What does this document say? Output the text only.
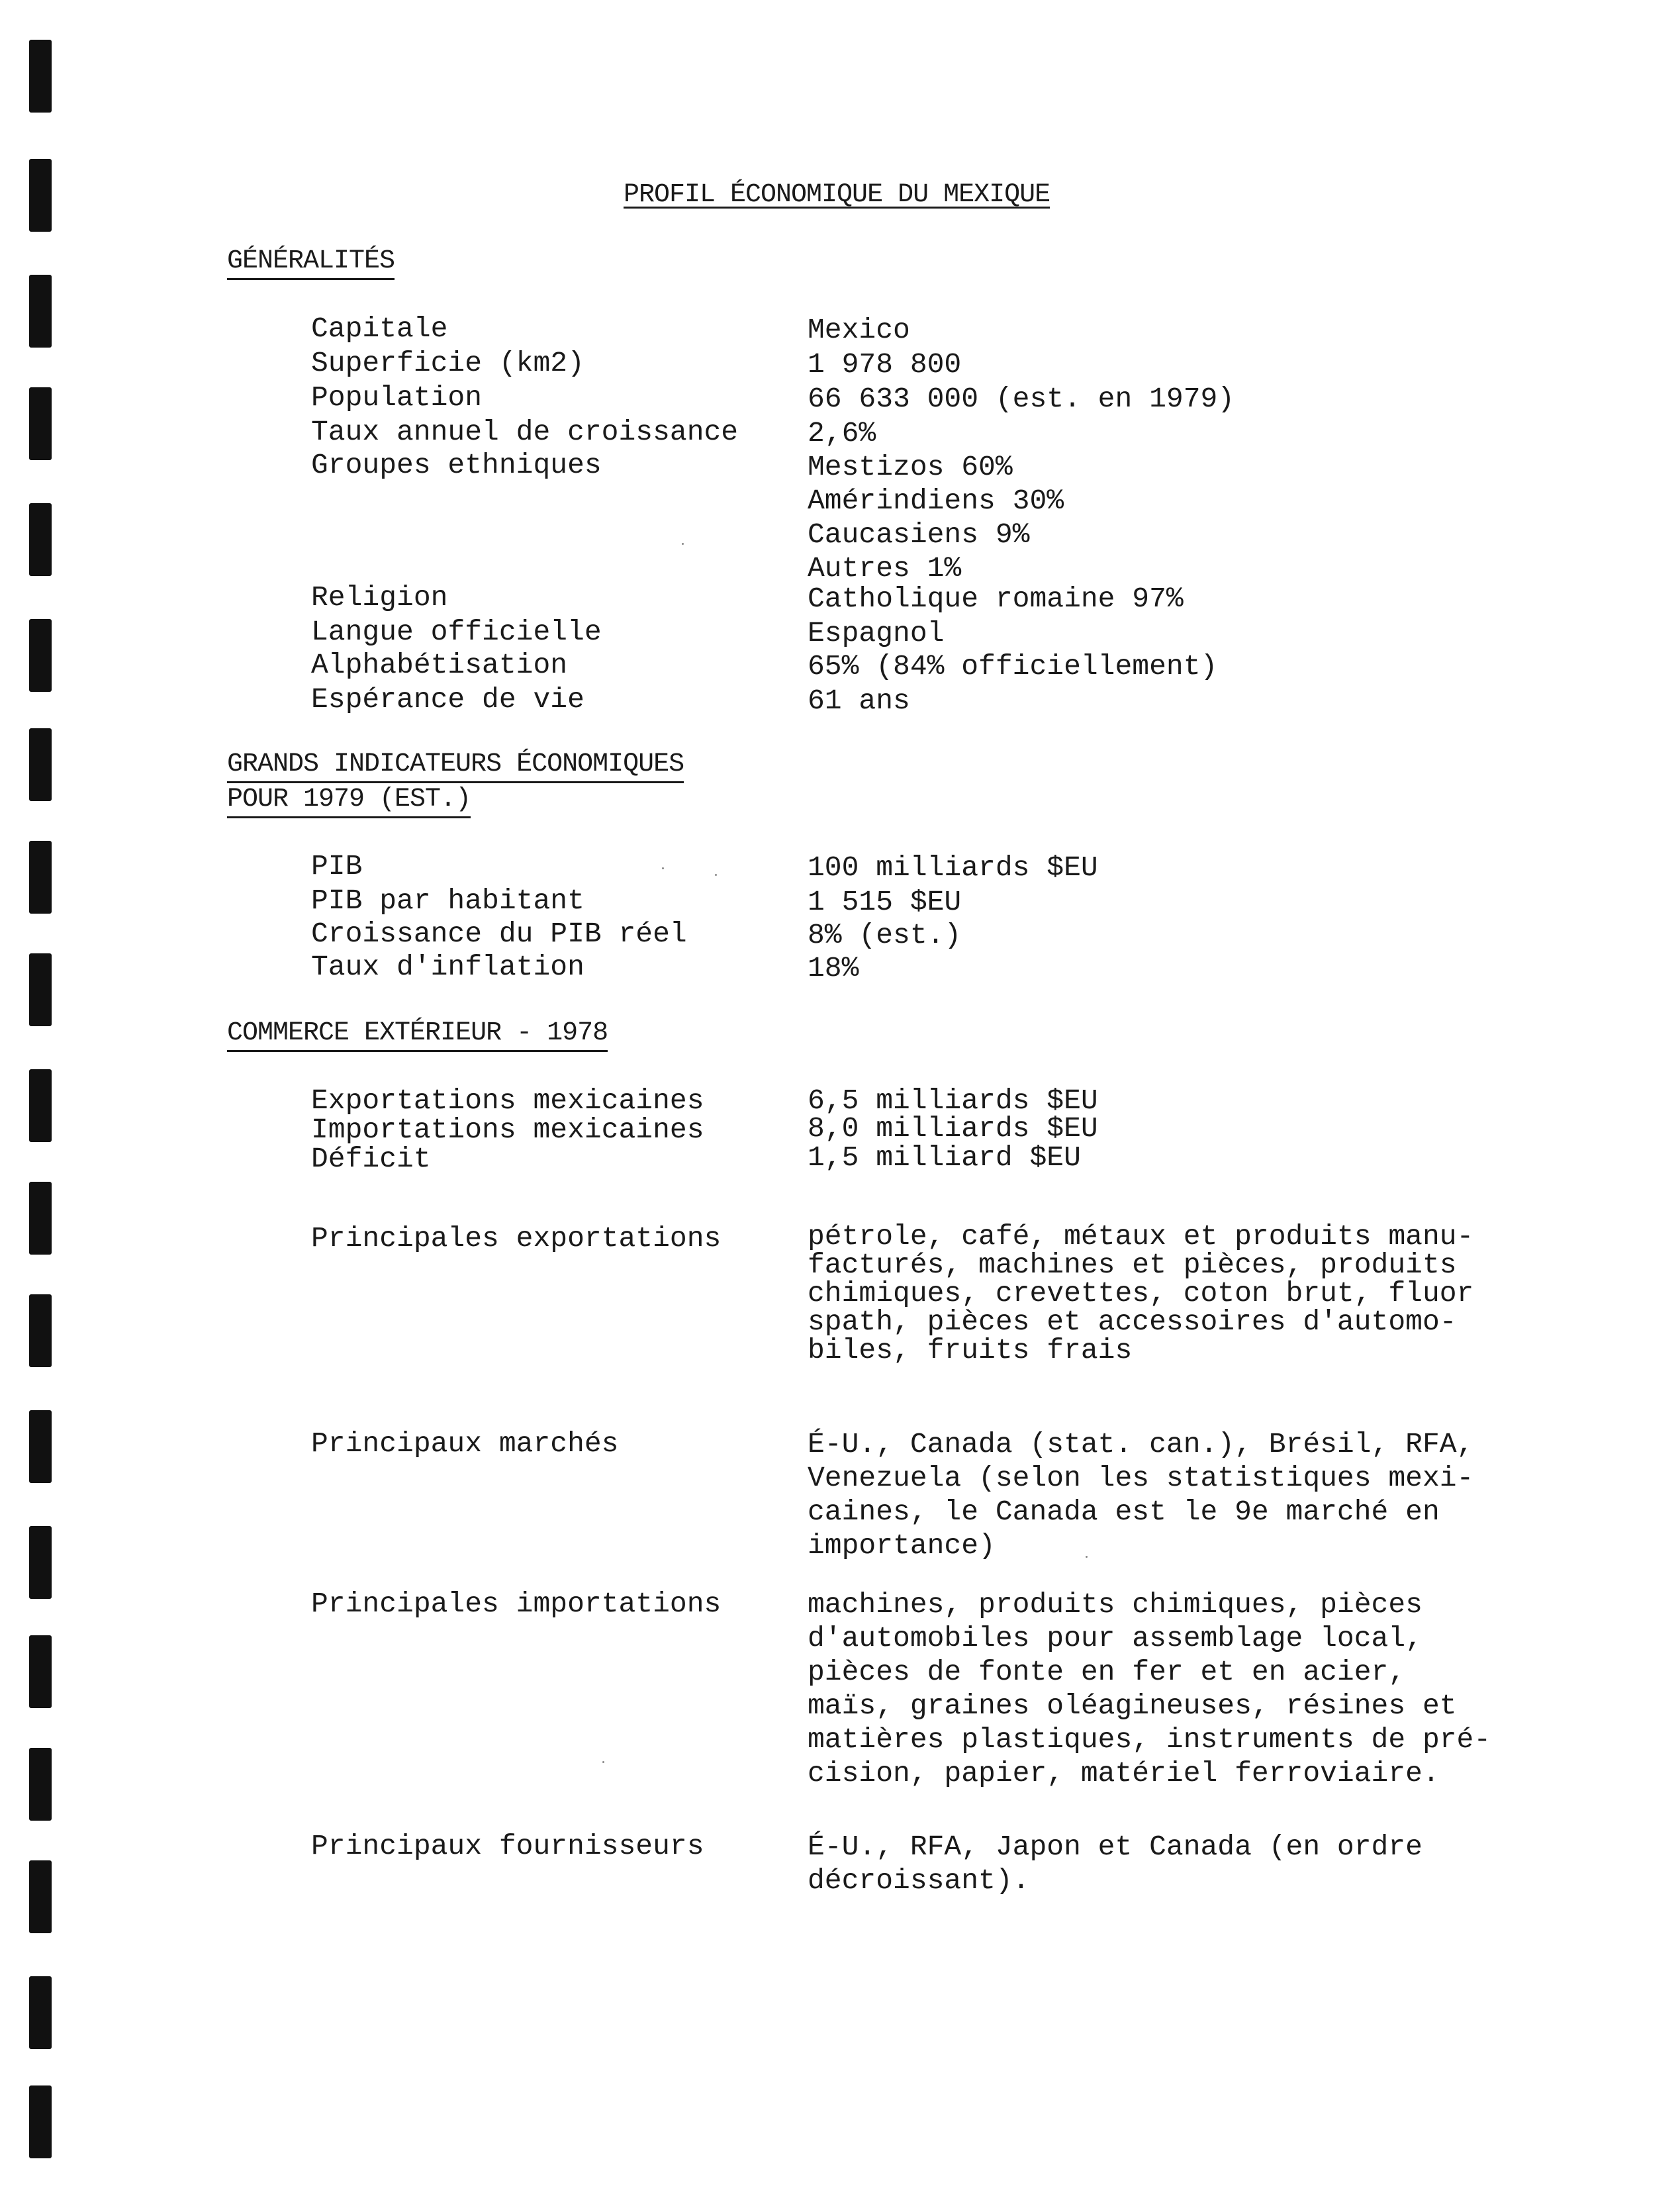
PROFIL ÉCONOMIQUE DU MEXIQUE
GÉNÉRALITÉS
Capitale	Mexico
Superficie (km2)	1 978 800
Population	66 633 000 (est. en 1979)
Taux annuel de croissance 2,6%
Groupes ethniques	Mestizos 60%
Amérindiens 30%
Caucasiens 9%
Autres 1%
Religion	Catholique romaine 97%
Langue officielle	Espagnol
Alphabétisation	65% (84% officiellement)
Espérance de vie	61 ans
GRANDS INDICATEURS ÉCONOMIQUES
POUR 1979 (EST.)
PIB	100 milliards $EU
PIB par habitant	1 515 $EU
Croissance du PIB réel	8% (est.)
Taux d'inflation	18%
COMMERCE EXTÉRIEUR - 1978
Exportations mexicaines	6,5 milliards $EU
Importations mexicaines	8,0 milliards $EU
Déficit	1,5 milliard $EU
Principales exportations	pétrole, café, métaux et produits manu-
facturés, machines et pièces, produits
chimiques, crevettes, coton brut, fluor
spath, pièces et accessoires d'automo-
biles, fruits frais
Principaux marchés	É-U., Canada (stat. can.), Brésil, RFA,
Venezuela (selon les statistiques mexi-
caines, le Canada est le 9e marché en
importance)
Principales importations	machines, produits chimiques, pièces
d'automobiles pour assemblage local,
pièces de fonte en fer et en acier,
maïs, graines oléagineuses, résines et
matières plastiques, instruments de pré-
cision, papier, matériel ferroviaire.
Principaux fournisseurs	É-U., RFA, Japon et Canada (en ordre
décroissant).
